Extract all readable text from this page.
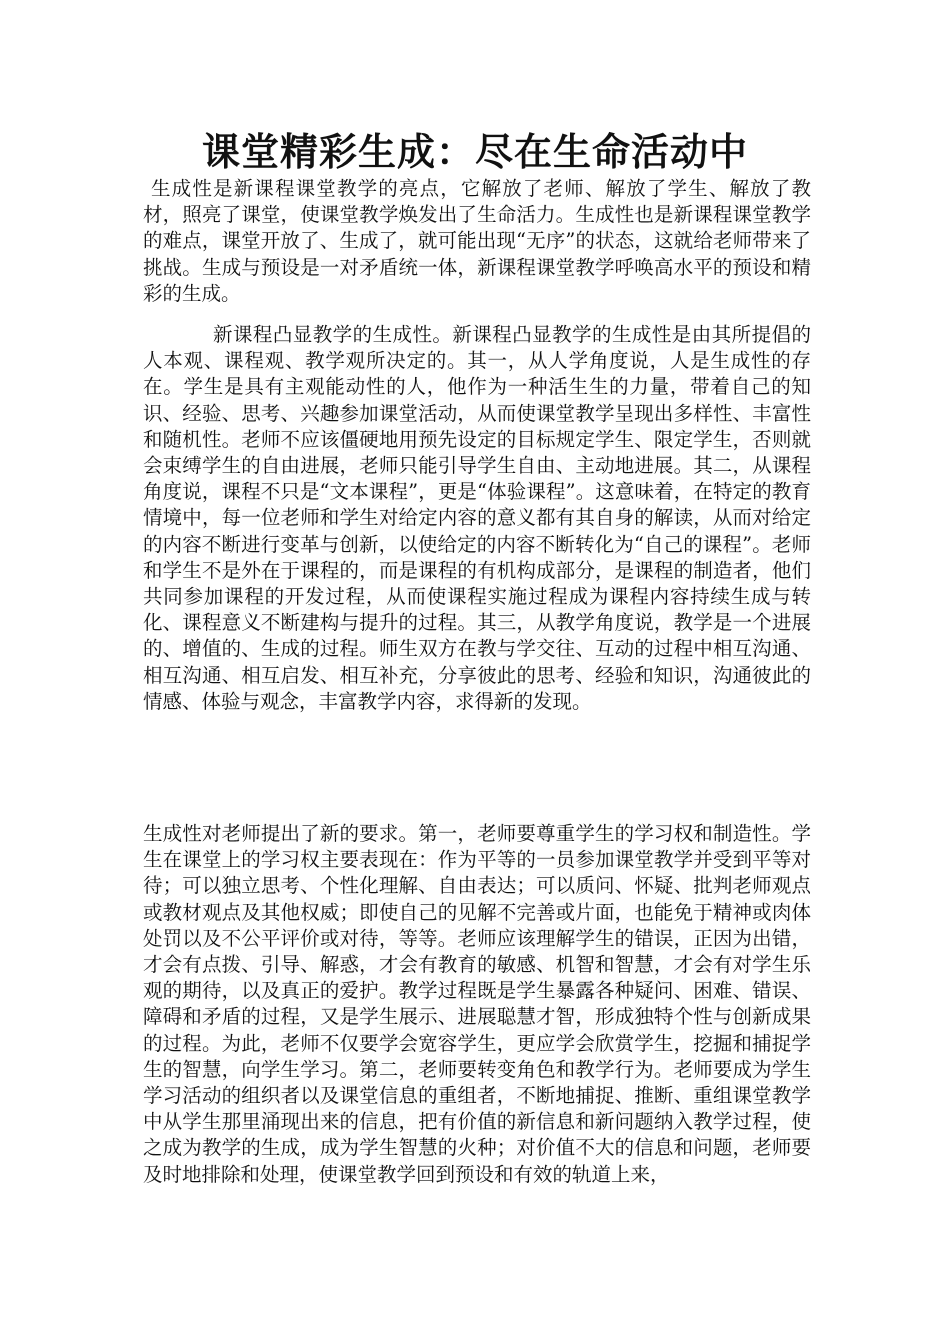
课堂精彩生成：尽在生命活动中

生成性是新课程课堂教学的亮点，它解放了老师、解放了学生、解放了教材，照亮了课堂，使课堂教学焕发出了生命活力。生成性也是新课程课堂教学的难点，课堂开放了、生成了，就可能出现“无序”的状态，这就给老师带来了挑战。生成与预设是一对矛盾统一体，新课程课堂教学呼唤高水平的预设和精彩的生成。

新课程凸显教学的生成性。新课程凸显教学的生成性是由其所提倡的人本观、课程观、教学观所决定的。其一，从人学角度说，人是生成性的存在。学生是具有主观能动性的人，他作为一种活生生的力量，带着自己的知识、经验、思考、兴趣参加课堂活动，从而使课堂教学呈现出多样性、丰富性和随机性。老师不应该僵硬地用预先设定的目标规定学生、限定学生，否则就会束缚学生的自由进展，老师只能引导学生自由、主动地进展。其二，从课程角度说，课程不只是“文本课程”，更是“体验课程”。这意味着，在特定的教育情境中，每一位老师和学生对给定内容的意义都有其自身的解读，从而对给定的内容不断进行变革与创新，以使给定的内容不断转化为“自己的课程”。老师和学生不是外在于课程的，而是课程的有机构成部分，是课程的制造者，他们共同参加课程的开发过程，从而使课程实施过程成为课程内容持续生成与转化、课程意义不断建构与提升的过程。其三，从教学角度说，教学是一个进展的、增值的、生成的过程。师生双方在教与学交往、互动的过程中相互沟通、相互沟通、相互启发、相互补充，分享彼此的思考、经验和知识，沟通彼此的情感、体验与观念，丰富教学内容，求得新的发现。

生成性对老师提出了新的要求。第一，老师要尊重学生的学习权和制造性。学生在课堂上的学习权主要表现在：作为平等的一员参加课堂教学并受到平等对待；可以独立思考、个性化理解、自由表达；可以质问、怀疑、批判老师观点或教材观点及其他权威；即使自己的见解不完善或片面，也能免于精神或肉体处罚以及不公平评价或对待，等等。老师应该理解学生的错误，正因为出错，才会有点拨、引导、解惑，才会有教育的敏感、机智和智慧，才会有对学生乐观的期待，以及真正的爱护。教学过程既是学生暴露各种疑问、困难、错误、障碍和矛盾的过程，又是学生展示、进展聪慧才智，形成独特个性与创新成果的过程。为此，老师不仅要学会宽容学生，更应学会欣赏学生，挖掘和捕捉学生的智慧，向学生学习。第二，老师要转变角色和教学行为。老师要成为学生学习活动的组织者以及课堂信息的重组者，不断地捕捉、推断、重组课堂教学中从学生那里涌现出来的信息，把有价值的新信息和新问题纳入教学过程，使之成为教学的生成，成为学生智慧的火种；对价值不大的信息和问题，老师要及时地排除和处理，使课堂教学回到预设和有效的轨道上来，
